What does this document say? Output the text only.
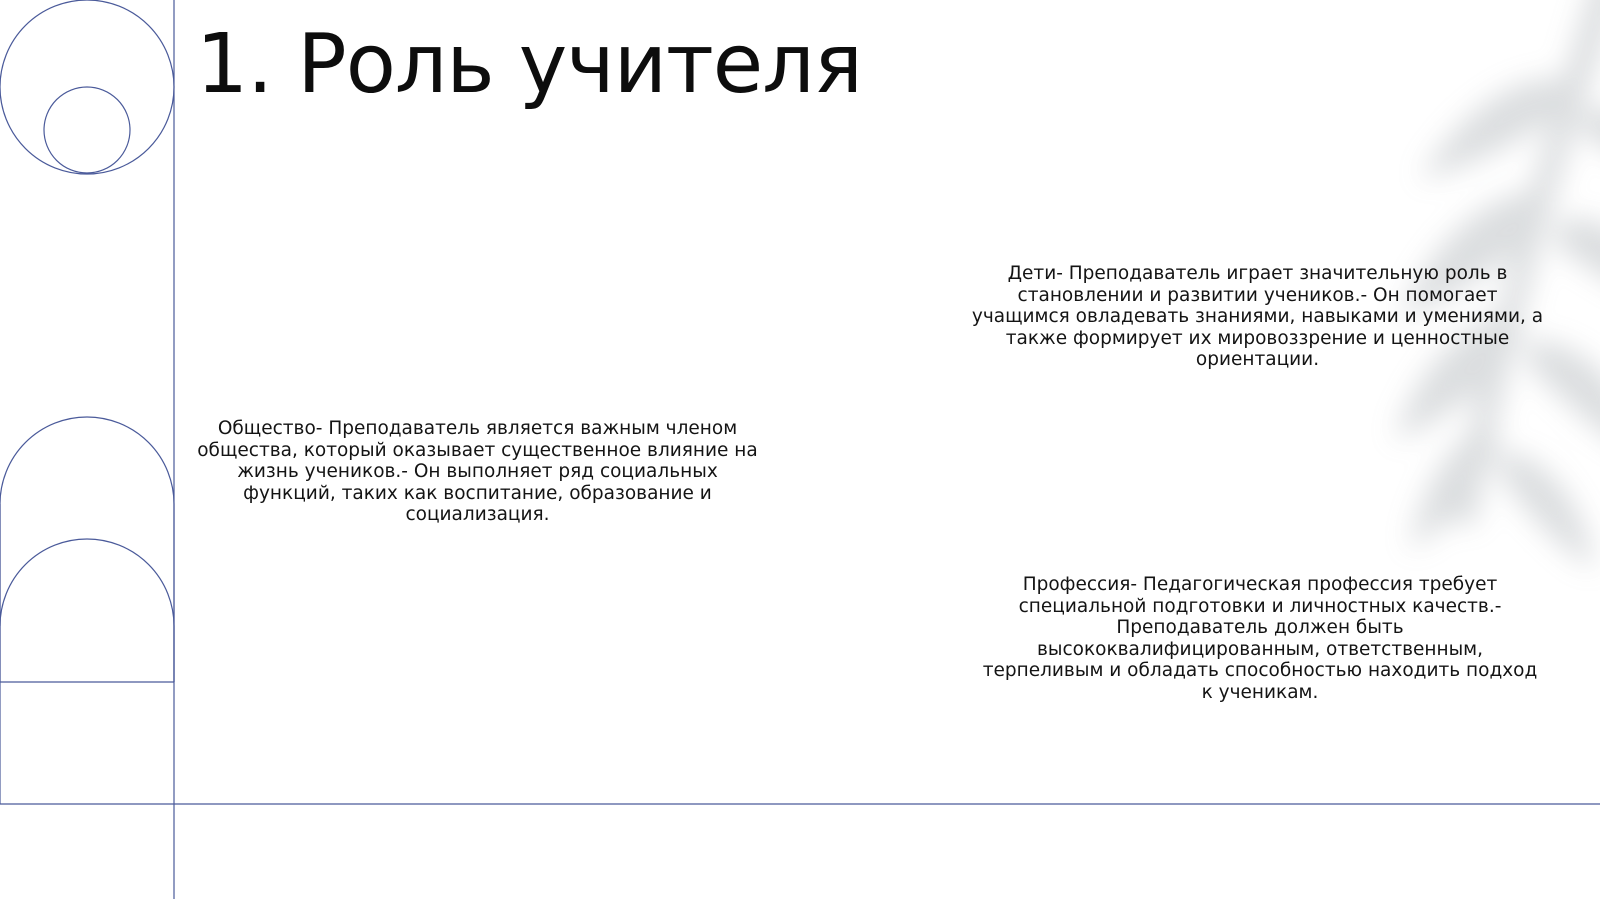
1. Роль учителя

Общество- Преподаватель является важным членом общества, который оказывает существенное влияние на жизнь учеников.- Он выполняет ряд социальных функций, таких как воспитание, образование и социализация.

Дети- Преподаватель играет значительную роль в становлении и развитии учеников.- Он помогает учащимся овладевать знаниями, навыками и умениями, а также формирует их мировоззрение и ценностные ориентации.

Профессия- Педагогическая профессия требует специальной подготовки и личностных качеств.- Преподаватель должен быть высококвалифицированным, ответственным, терпеливым и обладать способностью находить подход к ученикам.
